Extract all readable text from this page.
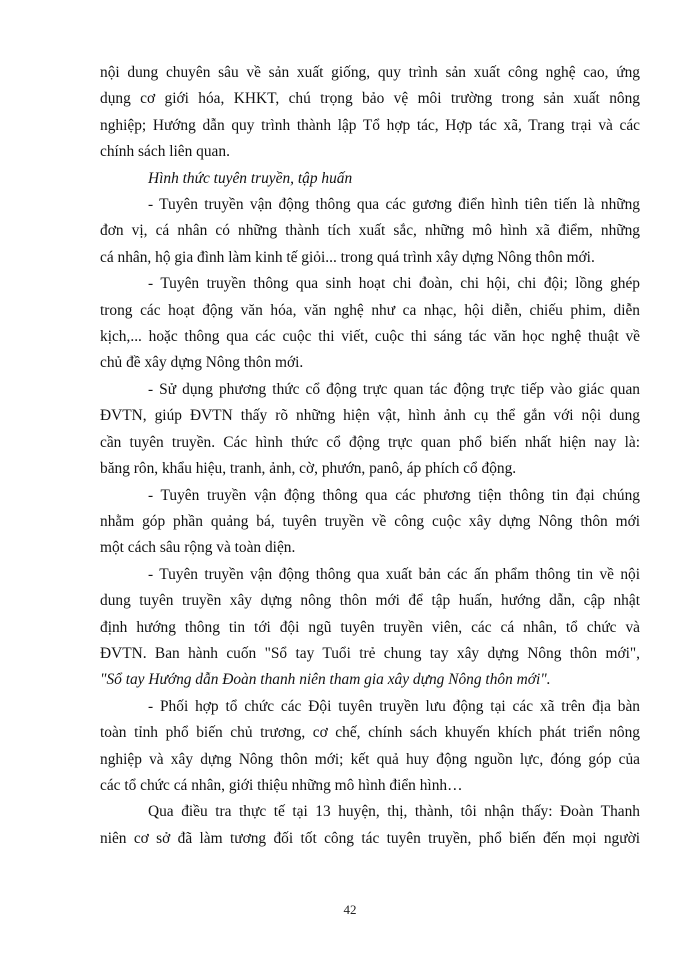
nội dung chuyên sâu về sản xuất giống, quy trình sản xuất công nghệ cao, ứng
dụng cơ giới hóa, KHKT, chú trọng bảo vệ môi trường trong sản xuất nông
nghiệp; Hướng dẫn quy trình thành lập Tổ hợp tác, Hợp tác xã, Trang trại và các
chính sách liên quan.
Hình thức tuyên truyền, tập huấn
- Tuyên truyền vận động thông qua các gương điển hình tiên tiến là những
đơn vị, cá nhân có những thành tích xuất sắc, những mô hình xã điểm, những
cá nhân, hộ gia đình làm kinh tế giỏi... trong quá trình xây dựng Nông thôn mới.
- Tuyên truyền thông qua sinh hoạt chi đoàn, chi hội, chi đội; lồng ghép
trong các hoạt động văn hóa, văn nghệ như ca nhạc, hội diễn, chiếu phim, diễn
kịch,... hoặc thông qua các cuộc thi viết, cuộc thi sáng tác văn học nghệ thuật về
chủ đề xây dựng Nông thôn mới.
- Sử dụng phương thức cổ động trực quan tác động trực tiếp vào giác quan
ĐVTN, giúp ĐVTN thấy rõ những hiện vật, hình ảnh cụ thể gắn với nội dung
cần tuyên truyền. Các hình thức cổ động trực quan phổ biến nhất hiện nay là:
băng rôn, khẩu hiệu, tranh, ảnh, cờ, phướn, panô, áp phích cổ động.
- Tuyên truyền vận động thông qua các phương tiện thông tin đại chúng
nhằm góp phần quảng bá, tuyên truyền về công cuộc xây dựng Nông thôn mới
một cách sâu rộng và toàn diện.
- Tuyên truyền vận động thông qua xuất bản các ấn phẩm thông tin về nội
dung tuyên truyền xây dựng nông thôn mới để tập huấn, hướng dẫn, cập nhật
định hướng thông tin tới đội ngũ tuyên truyền viên, các cá nhân, tổ chức và
ĐVTN. Ban hành cuốn "Sổ tay Tuổi trẻ chung tay xây dựng Nông thôn mới",
"Sổ tay Hướng dẫn Đoàn thanh niên tham gia xây dựng Nông thôn mới".
- Phối hợp tổ chức các Đội tuyên truyền lưu động tại các xã trên địa bàn
toàn tỉnh phổ biến chủ trương, cơ chế, chính sách khuyến khích phát triển nông
nghiệp và xây dựng Nông thôn mới; kết quả huy động nguồn lực, đóng góp của
các tổ chức cá nhân, giới thiệu những mô hình điển hình…
Qua điều tra thực tế tại 13 huyện, thị, thành, tôi nhận thấy: Đoàn Thanh
niên cơ sở đã làm tương đối tốt công tác tuyên truyền, phổ biến đến mọi người
42
